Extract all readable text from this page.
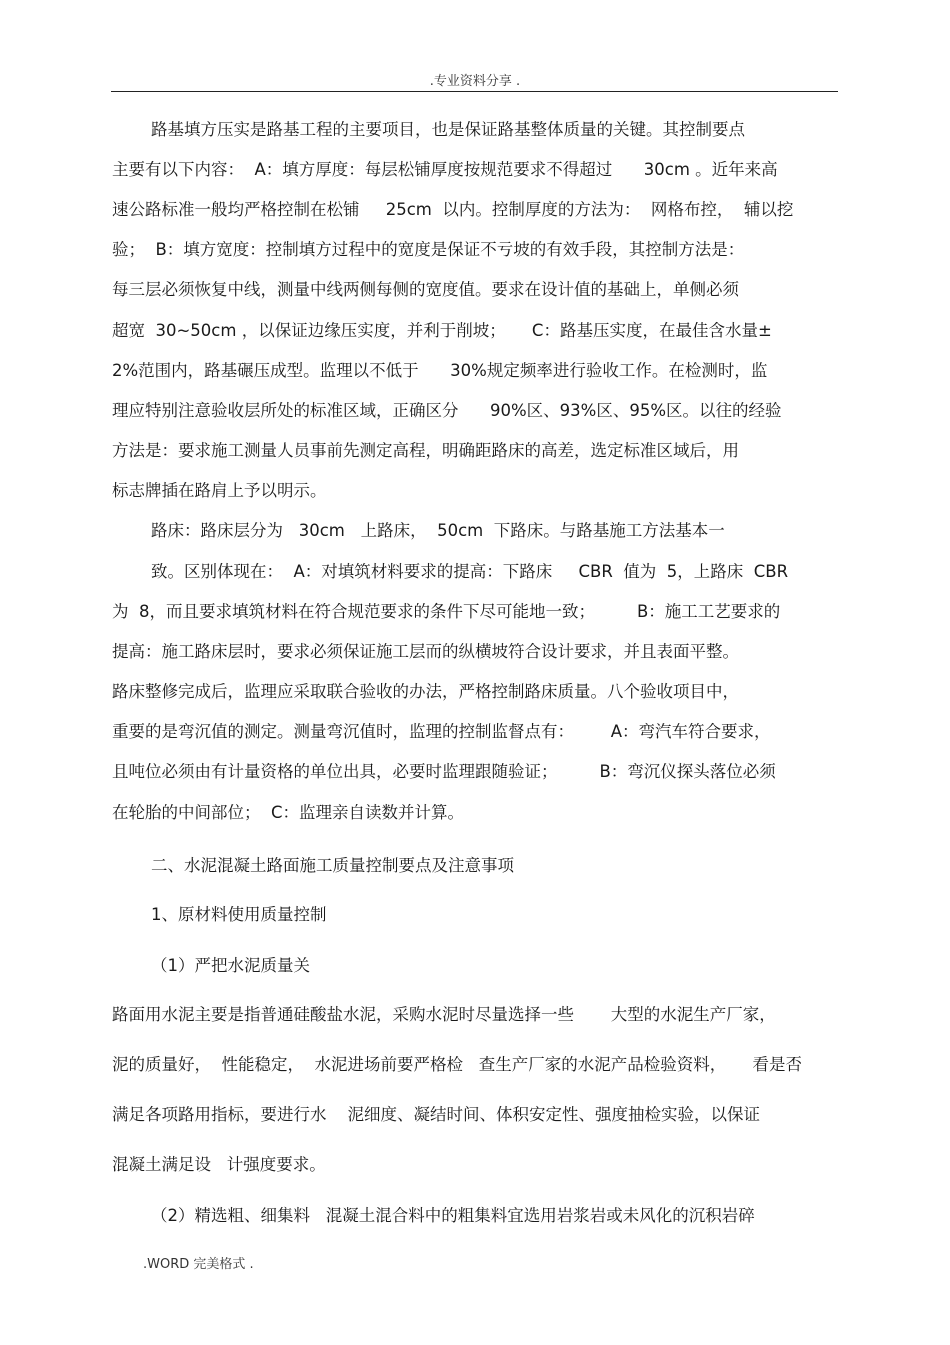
.专业资料分享 .
路基填方压实是路基工程的主要项目，也是保证路基整体质量的关键。其控制要点
主要有以下内容：  A：填方厚度：每层松铺厚度按规范要求不得超过      30cm 。近年来高
速公路标准一般均严格控制在松铺     25cm  以内。控制厚度的方法为：  网格布控，  辅以挖
验；  B：填方宽度：控制填方过程中的宽度是保证不亏坡的有效手段，其控制方法是：
每三层必须恢复中线，测量中线两侧每侧的宽度值。要求在设计值的基础上，单侧必须
超宽  30~50cm ，以保证边缘压实度，并利于削坡；     C：路基压实度，在最佳含水量±
2%范围内，路基碾压成型。监理以不低于      30%规定频率进行验收工作。在检测时，监
理应特别注意验收层所处的标准区域，正确区分      90%区、93%区、95%区。以往的经验
方法是：要求施工测量人员事前先测定高程，明确距路床的高差，选定标准区域后，用
标志牌插在路肩上予以明示。
路床：路床层分为   30cm   上路床，  50cm  下路床。与路基施工方法基本一
致。区别体现在：  A：对填筑材料要求的提高：下路床     CBR  值为  5，上路床  CBR
为  8，而且要求填筑材料在符合规范要求的条件下尽可能地一致；        B：施工工艺要求的
提高：施工路床层时，要求必须保证施工层而的纵横坡符合设计要求，并且表面平整。
路床整修完成后，监理应采取联合验收的办法，严格控制路床质量。八个验收项目中，
重要的是弯沉值的测定。测量弯沉值时，监理的控制监督点有：       A：弯汽车符合要求，
且吨位必须由有计量资格的单位出具，必要时监理跟随验证；        B：弯沉仪探头落位必须
在轮胎的中间部位；  C：监理亲自读数并计算。
二、水泥混凝土路面施工质量控制要点及注意事项
1、原材料使用质量控制
（1）严把水泥质量关
路面用水泥主要是指普通硅酸盐水泥，采购水泥时尽量选择一些       大型的水泥生产厂家，
泥的质量好，  性能稳定，  水泥进场前要严格检   查生产厂家的水泥产品检验资料，     看是否
满足各项路用指标，要进行水    泥细度、凝结时间、体积安定性、强度抽检实验，以保证
混凝土满足设   计强度要求。
（2）精选粗、细集料   混凝土混合料中的粗集料宜选用岩浆岩或未风化的沉积岩碎
.WORD 完美格式 .
